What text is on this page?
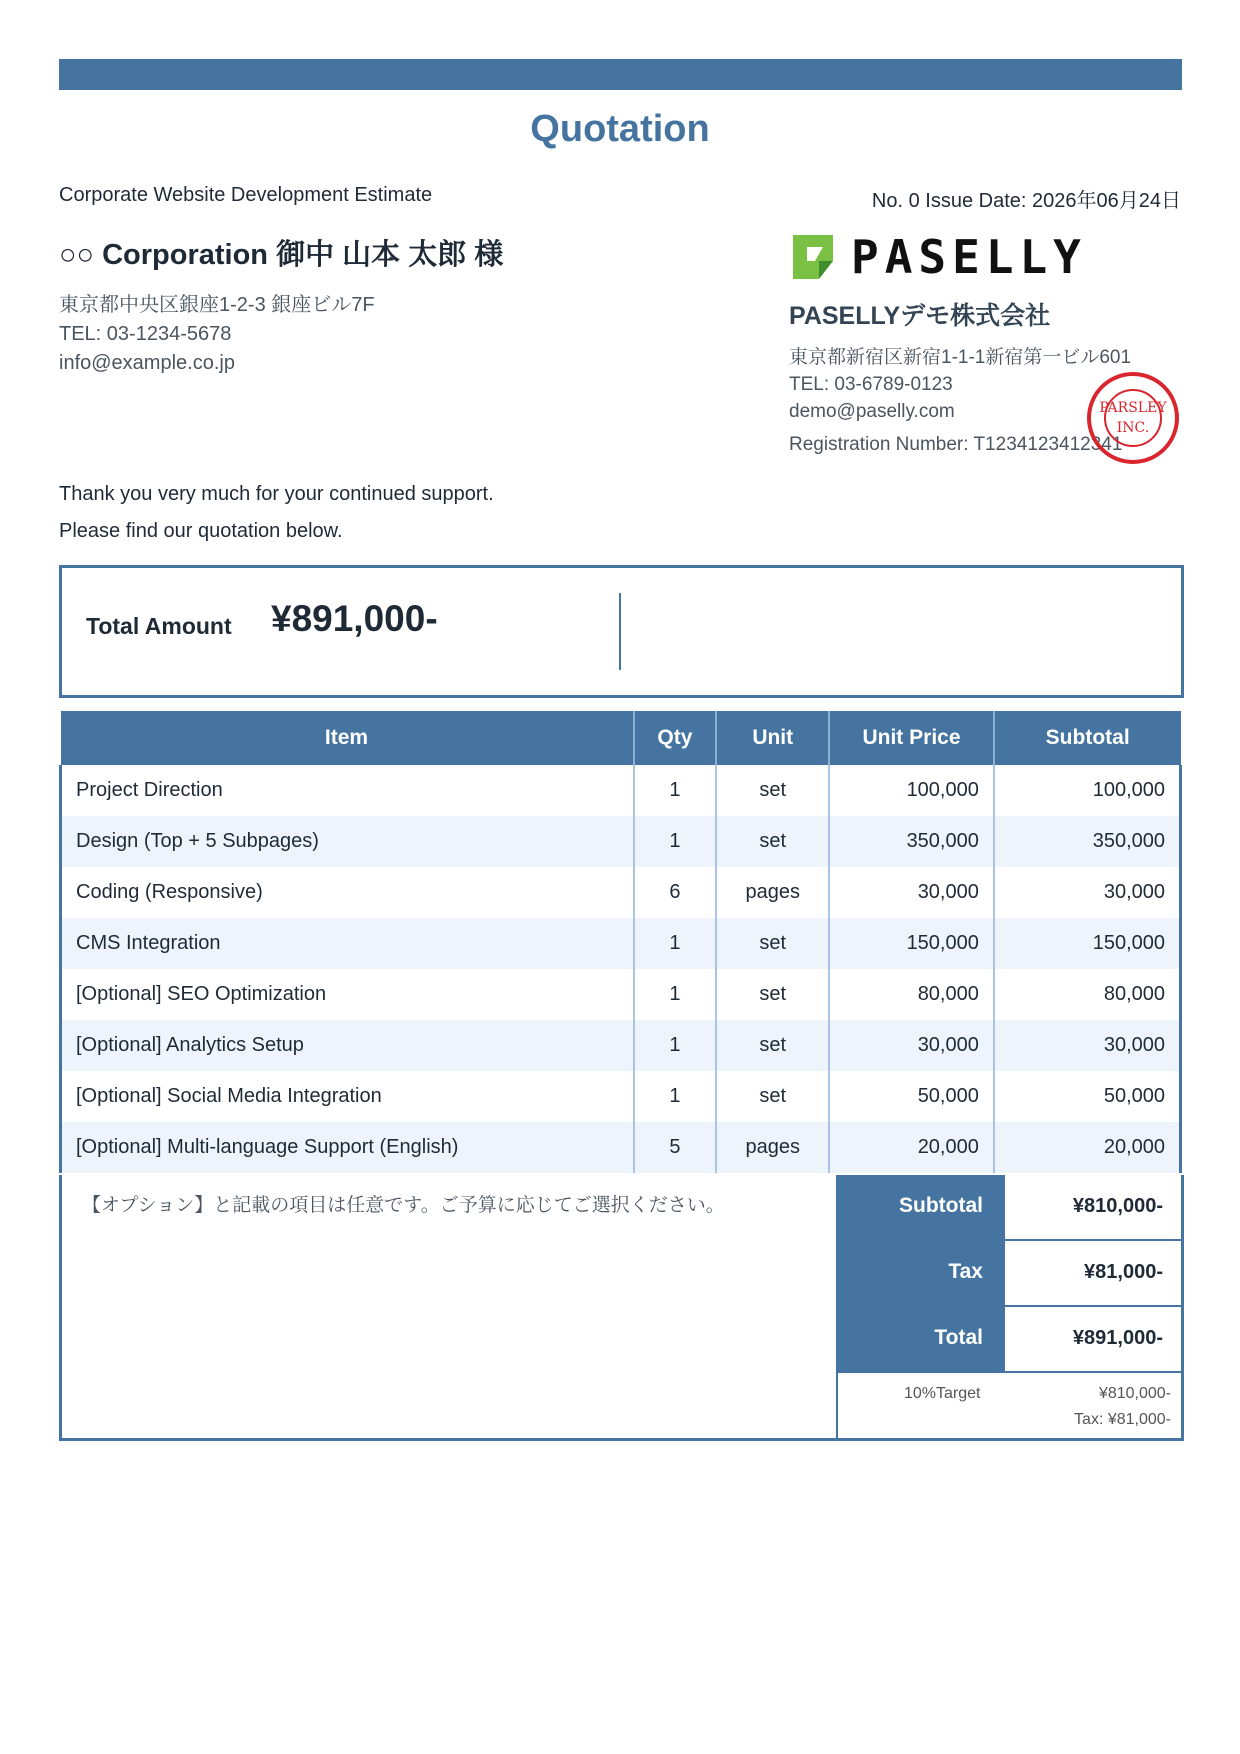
Quotation
Corporate Website Development Estimate	No. 0 Issue Date: 2026年06月24日
○○ Corporation 御中 山本 太郎 様
東京都中央区銀座1-2-3 銀座ビル7F
TEL: 03-1234-5678
info@example.co.jp
PASELLY
PASELLYデモ株式会社
東京都新宿区新宿1-1-1新宿第一ビル601
TEL: 03-6789-0123
demo@paselly.com
Registration Number: T1234123412341
PARSLEY
INC.
Thank you very much for your continued support.
Please find our quotation below.
Total Amount ¥891,000-
Item	Qty	Unit	Unit Price	Subtotal
Project Direction	1	set	100,000	100,000
Design (Top + 5 Subpages)	1	set	350,000	350,000
Coding (Responsive)	6	pages	30,000	30,000
CMS Integration	1	set	150,000	150,000
[Optional] SEO Optimization	1	set	80,000	80,000
[Optional] Analytics Setup	1	set	30,000	30,000
[Optional] Social Media Integration	1	set	50,000	50,000
[Optional] Multi-language Support (English)	5	pages	20,000	20,000
【オプション】と記載の項目は任意です。ご予算に応じてご選択ください。	Subtotal	¥810,000-
Tax	¥81,000-
Total	¥891,000-
10%Target	¥810,000-
Tax: ¥81,000-
